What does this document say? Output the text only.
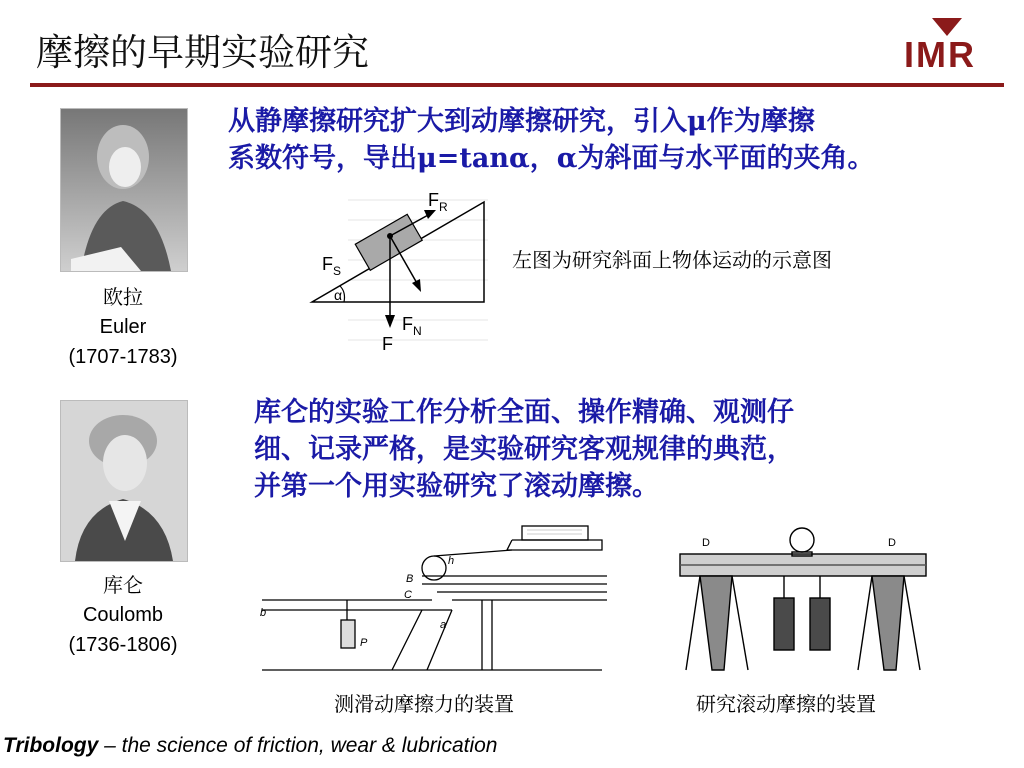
摩擦的早期实验研究	IMR
欧拉
Euler
(1707-1783)
库仑
Coulomb
(1736-1806)
从静摩擦研究扩大到动摩擦研究，引入μ作为摩擦
系数符号，导出μ=tanα，α为斜面与水平面的夹角。
$F_R$
$F_S$
$F_N$
F
α
左图为研究斜面上物体运动的示意图
库仑的实验工作分析全面、操作精确、观测仔
细、记录严格，是实验研究客观规律的典范，
并第一个用实验研究了滚动摩擦。
b
B
C
h
a
P
测滑动摩擦力的装置
D	D
研究滚动摩擦的装置
Tribology – the science of friction, wear & lubrication
